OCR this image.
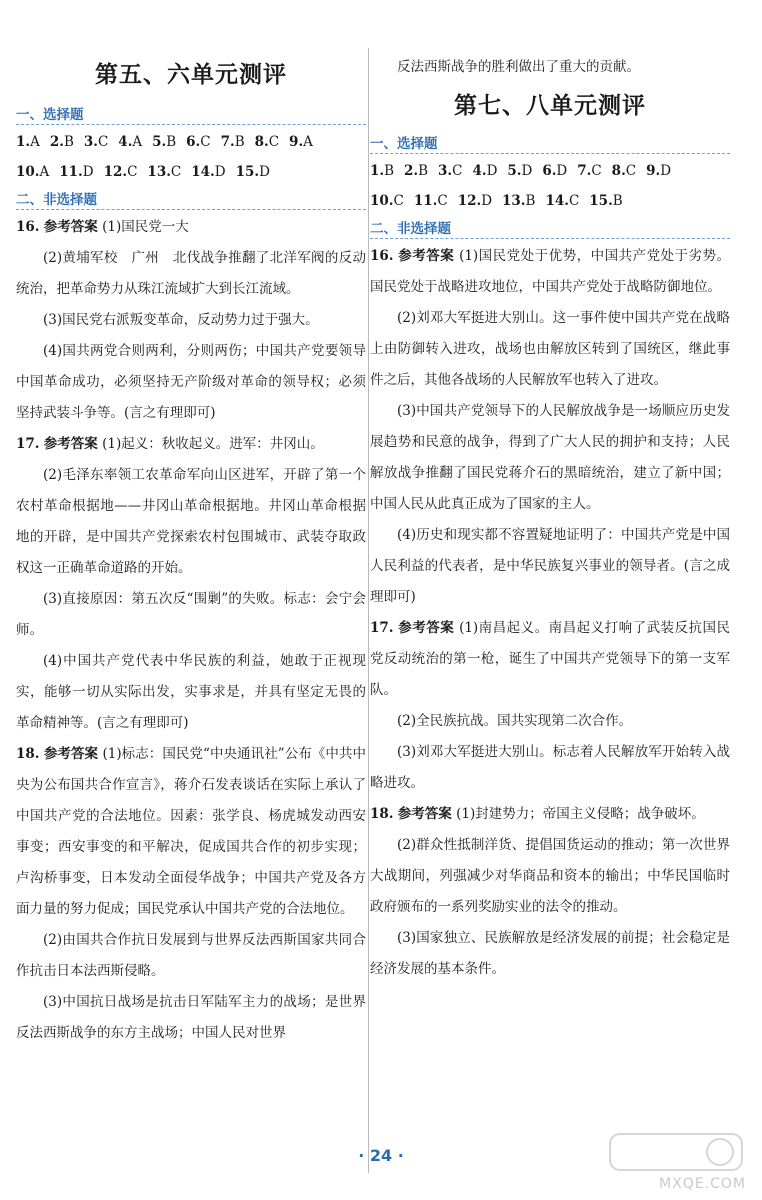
第五、六单元测评
一、选择题

1.A 2.B 3.C 4.A 5.B 6.C 7.B 8.C 9.A

10.A 11.D 12.C 13.C 14.D 15.D

二、非选择题

16. 参考答案 (1)国民党一大

(2)黄埔军校　广州　北伐战争推翻了北洋军阀的反动统治，把革命势力从珠江流域扩大到长江流域。

(3)国民党右派叛变革命，反动势力过于强大。

(4)国共两党合则两利，分则两伤；中国共产党要领导中国革命成功，必须坚持无产阶级对革命的领导权；必须坚持武装斗争等。(言之有理即可)

17. 参考答案 (1)起义：秋收起义。进军：井冈山。

(2)毛泽东率领工农革命军向山区进军，开辟了第一个农村革命根据地——井冈山革命根据地。井冈山革命根据地的开辟，是中国共产党探索农村包围城市、武装夺取政权这一正确革命道路的开始。

(3)直接原因：第五次反“围剿”的失败。标志：会宁会师。

(4)中国共产党代表中华民族的利益，她敢于正视现实，能够一切从实际出发，实事求是，并具有坚定无畏的革命精神等。(言之有理即可)

18. 参考答案 (1)标志：国民党“中央通讯社”公布《中共中央为公布国共合作宣言》，蒋介石发表谈话在实际上承认了中国共产党的合法地位。因素：张学良、杨虎城发动西安事变；西安事变的和平解决，促成国共合作的初步实现；卢沟桥事变，日本发动全面侵华战争；中国共产党及各方面力量的努力促成；国民党承认中国共产党的合法地位。

(2)由国共合作抗日发展到与世界反法西斯国家共同合作抗击日本法西斯侵略。

(3)中国抗日战场是抗击日军陆军主力的战场；是世界反法西斯战争的东方主战场；中国人民对世界

反法西斯战争的胜利做出了重大的贡献。

第七、八单元测评
一、选择题

1.B 2.B 3.C 4.D 5.D 6.D 7.C 8.C 9.D

10.C 11.C 12.D 13.B 14.C 15.B

二、非选择题

16. 参考答案 (1)国民党处于优势，中国共产党处于劣势。国民党处于战略进攻地位，中国共产党处于战略防御地位。

(2)刘邓大军挺进大别山。这一事件使中国共产党在战略上由防御转入进攻，战场也由解放区转到了国统区，继此事件之后，其他各战场的人民解放军也转入了进攻。

(3)中国共产党领导下的人民解放战争是一场顺应历史发展趋势和民意的战争，得到了广大人民的拥护和支持；人民解放战争推翻了国民党蒋介石的黑暗统治，建立了新中国；中国人民从此真正成为了国家的主人。

(4)历史和现实都不容置疑地证明了：中国共产党是中国人民利益的代表者，是中华民族复兴事业的领导者。(言之成理即可)

17. 参考答案 (1)南昌起义。南昌起义打响了武装反抗国民党反动统治的第一枪，诞生了中国共产党领导下的第一支军队。

(2)全民族抗战。国共实现第二次合作。

(3)刘邓大军挺进大别山。标志着人民解放军开始转入战略进攻。

18. 参考答案 (1)封建势力；帝国主义侵略；战争破坏。

(2)群众性抵制洋货、提倡国货运动的推动；第一次世界大战期间，列强减少对华商品和资本的输出；中华民国临时政府颁布的一系列奖励实业的法令的推动。

(3)国家独立、民族解放是经济发展的前提；社会稳定是经济发展的基本条件。

· 24 ·
MXQE.COM
